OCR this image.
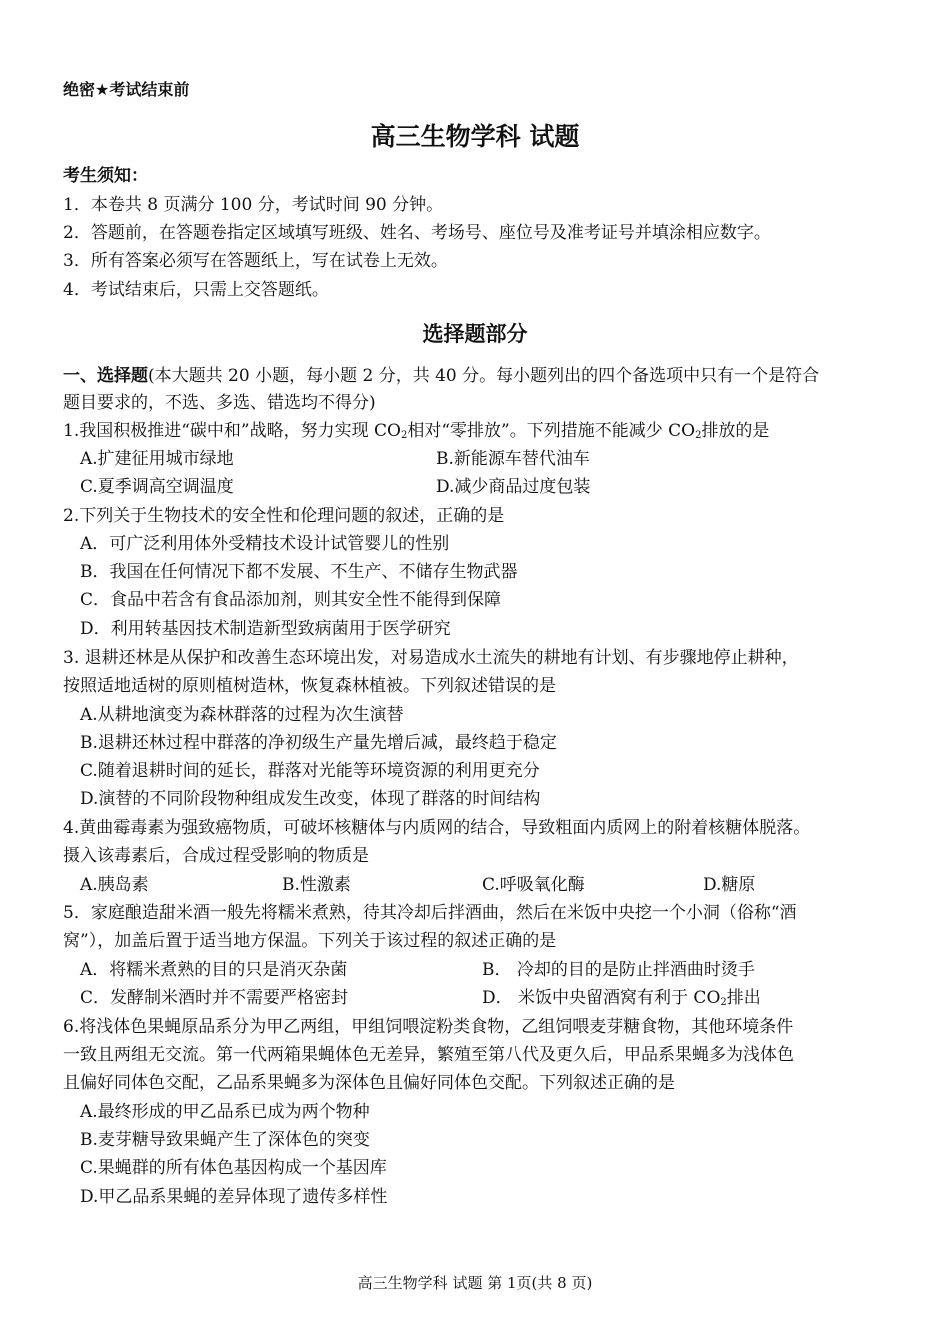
绝密★考试结束前
高三生物学科 试题
考生须知：
1．本卷共 8 页满分 100 分，考试时间 90 分钟。
2．答题前，在答题卷指定区域填写班级、姓名、考场号、座位号及准考证号并填涂相应数字。
3．所有答案必须写在答题纸上，写在试卷上无效。
4．考试结束后，只需上交答题纸。
选择题部分
一、选择题(本大题共 20 小题，每小题 2 分，共 40 分。每小题列出的四个备选项中只有一个是符合
题目要求的，不选、多选、错选均不得分)
1.我国积极推进“碳中和”战略，努力实现 $CO_2$相对“零排放”。下列措施不能减少 $CO_2$排放的是
A.扩建征用城市绿地	B.新能源车替代油车
C.夏季调高空调温度	D.减少商品过度包装
2.下列关于生物技术的安全性和伦理问题的叙述，正确的是
A．可广泛利用体外受精技术设计试管婴儿的性别
B．我国在任何情况下都不发展、不生产、不储存生物武器
C．食品中若含有食品添加剂，则其安全性不能得到保障
D．利用转基因技术制造新型致病菌用于医学研究
3. 退耕还林是从保护和改善生态环境出发，对易造成水土流失的耕地有计划、有步骤地停止耕种，
按照适地适树的原则植树造林，恢复森林植被。下列叙述错误的是
A.从耕地演变为森林群落的过程为次生演替
B.退耕还林过程中群落的净初级生产量先增后减，最终趋于稳定
C.随着退耕时间的延长，群落对光能等环境资源的利用更充分
D.演替的不同阶段物种组成发生改变，体现了群落的时间结构
4.黄曲霉毒素为强致癌物质，可破坏核糖体与内质网的结合，导致粗面内质网上的附着核糖体脱落。
摄入该毒素后，合成过程受影响的物质是
A.胰岛素	B.性激素	C.呼吸氧化酶	D.糖原
5．家庭酿造甜米酒一般先将糯米煮熟，待其冷却后拌酒曲，然后在米饭中央挖一个小洞（俗称“酒
窝”），加盖后置于适当地方保温。下列关于该过程的叙述正确的是
A．将糯米煮熟的目的只是消灭杂菌	B． 冷却的目的是防止拌酒曲时烫手
C．发酵制米酒时并不需要严格密封	D． 米饭中央留酒窝有利于 $CO_2$排出
6.将浅体色果蝇原品系分为甲乙两组，甲组饲喂淀粉类食物，乙组饲喂麦芽糖食物，其他环境条件
一致且两组无交流。第一代两箱果蝇体色无差异，繁殖至第八代及更久后，甲品系果蝇多为浅体色
且偏好同体色交配，乙品系果蝇多为深体色且偏好同体色交配。下列叙述正确的是
A.最终形成的甲乙品系已成为两个物种
B.麦芽糖导致果蝇产生了深体色的突变
C.果蝇群的所有体色基因构成一个基因库
D.甲乙品系果蝇的差异体现了遗传多样性
高三生物学科 试题 第 1页(共 8 页)
